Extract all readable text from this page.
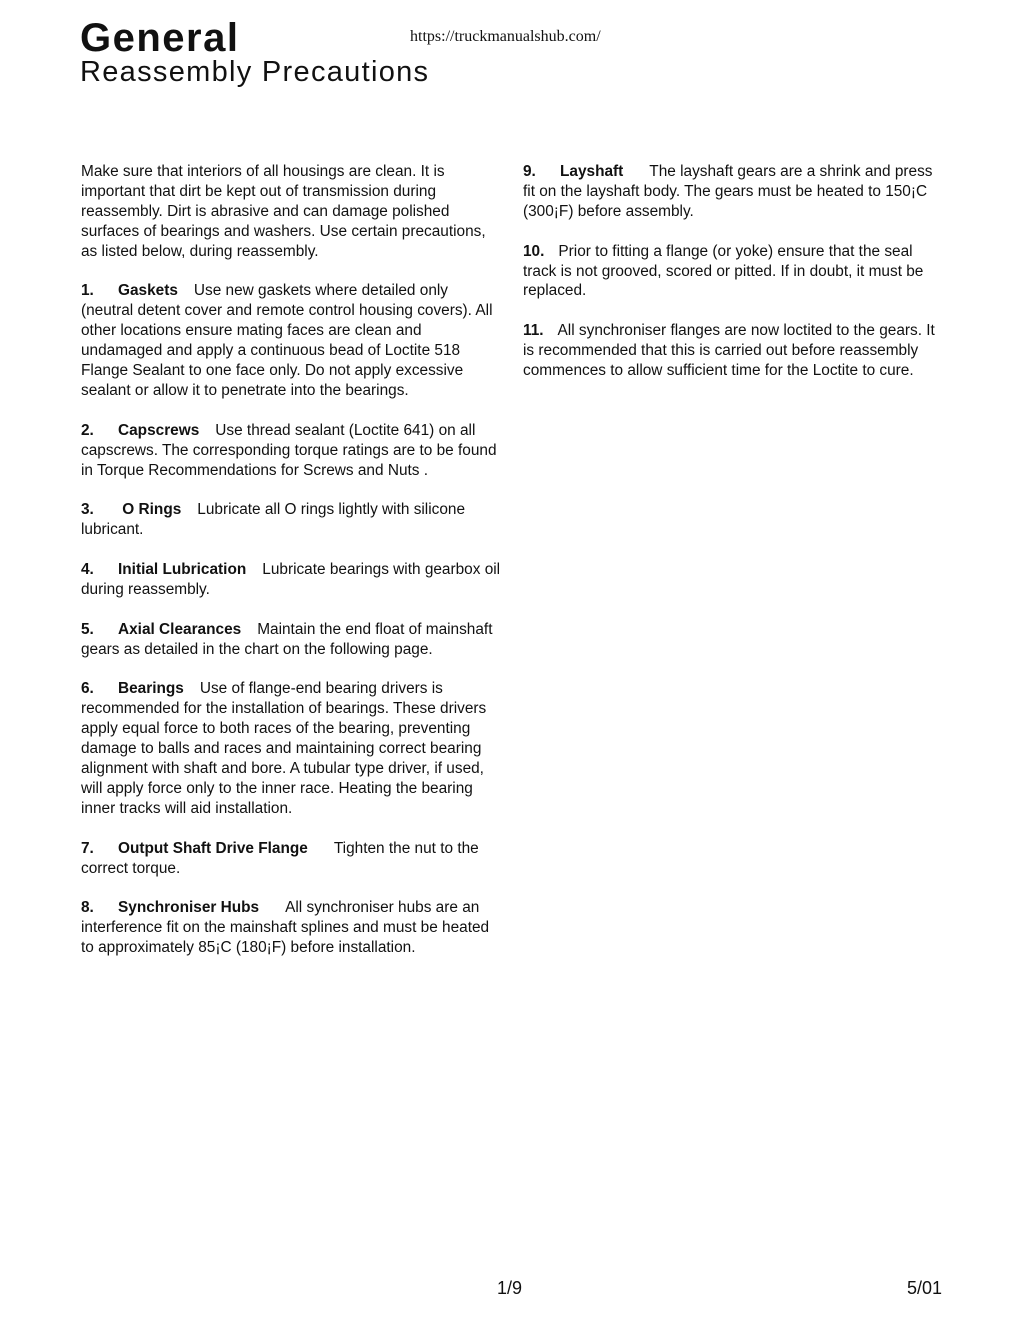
General
Reassembly Precautions
https://truckmanualshub.com/

Make sure that interiors of all housings are clean. It is important that dirt be kept out of transmission during reassembly. Dirt is abrasive and can damage polished surfaces of bearings and washers. Use certain precautions, as listed below, during reassembly.

1. Gaskets Use new gaskets where detailed only (neutral detent cover and remote control housing covers). All other locations ensure mating faces are clean and undamaged and apply a continuous bead of Loctite 518 Flange Sealant to one face only. Do not apply excessive sealant or allow it to penetrate into the bearings.

2. Capscrews Use thread sealant (Loctite 641) on all capscrews. The corresponding torque ratings are to be found in Torque Recommendations for Screws and Nuts .

3. O Rings Lubricate all O rings lightly with silicone lubricant.

4. Initial Lubrication Lubricate bearings with gearbox oil during reassembly.

5. Axial Clearances Maintain the end float of mainshaft gears as detailed in the chart on the following page.

6. Bearings Use of flange-end bearing drivers is recommended for the installation of bearings. These drivers apply equal force to both races of the bearing, preventing damage to balls and races and maintaining correct bearing alignment with shaft and bore. A tubular type driver, if used, will apply force only to the inner race. Heating the bearing inner tracks will aid installation.

7. Output Shaft Drive Flange Tighten the nut to the correct torque.

8. Synchroniser Hubs All synchroniser hubs are an interference fit on the mainshaft splines and must be heated to approximately 85¡C (180¡F) before installation.

9. Layshaft The layshaft gears are a shrink and press fit on the layshaft body. The gears must be heated to 150¡C (300¡F) before assembly.

10. Prior to fitting a flange (or yoke) ensure that the seal track is not grooved, scored or pitted. If in doubt, it must be replaced.

11. All synchroniser flanges are now loctited to the gears. It is recommended that this is carried out before reassembly commences to allow sufficient time for the Loctite to cure.

1/9	5/01
